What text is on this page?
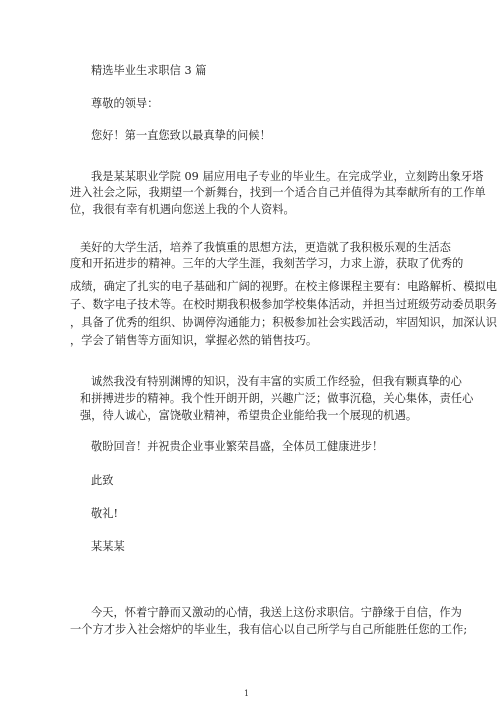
精选毕业生求职信 3 篇
尊敬的领导：
您好！第一直您致以最真挚的问候！
我是某某职业学院 09 届应用电子专业的毕业生。在完成学业，立刻跨出象牙塔
进入社会之际，我期望一个新舞台，找到一个适合自己并值得为其奉献所有的工作单
位，我很有幸有机遇向您送上我的个人资料。
美好的大学生活，培养了我慎重的思想方法，更造就了我积极乐观的生活态
度和开拓进步的精神。三年的大学生涯，我刻苦学习，力求上游，获取了优秀的
成绩，确定了扎实的电子基础和广阔的视野。在校主修课程主要有：电路解析、模拟电
子、数字电子技术等。在校时期我积极参加学校集体活动，并担当过班级劳动委员职务
，具备了优秀的组织、协调停沟通能力；积极参加社会实践活动，牢固知识，加深认识
，学会了销售等方面知识，掌握必然的销售技巧。
诚然我没有特别渊博的知识，没有丰富的实质工作经验，但我有颗真挚的心
和拼搏进步的精神。我个性开朗开朗，兴趣广泛；做事沉稳，关心集体，责任心
强，待人诚心，富饶敬业精神，希望贵企业能给我一个展现的机遇。
敬盼回音！并祝贵企业事业繁荣昌盛，全体员工健康进步！
此致
敬礼!
某某某
今天，怀着宁静而又激动的心情，我送上这份求职信。宁静缘于自信，作为
一个方才步入社会熔炉的毕业生，我有信心以自己所学与自己所能胜任您的工作;
1
